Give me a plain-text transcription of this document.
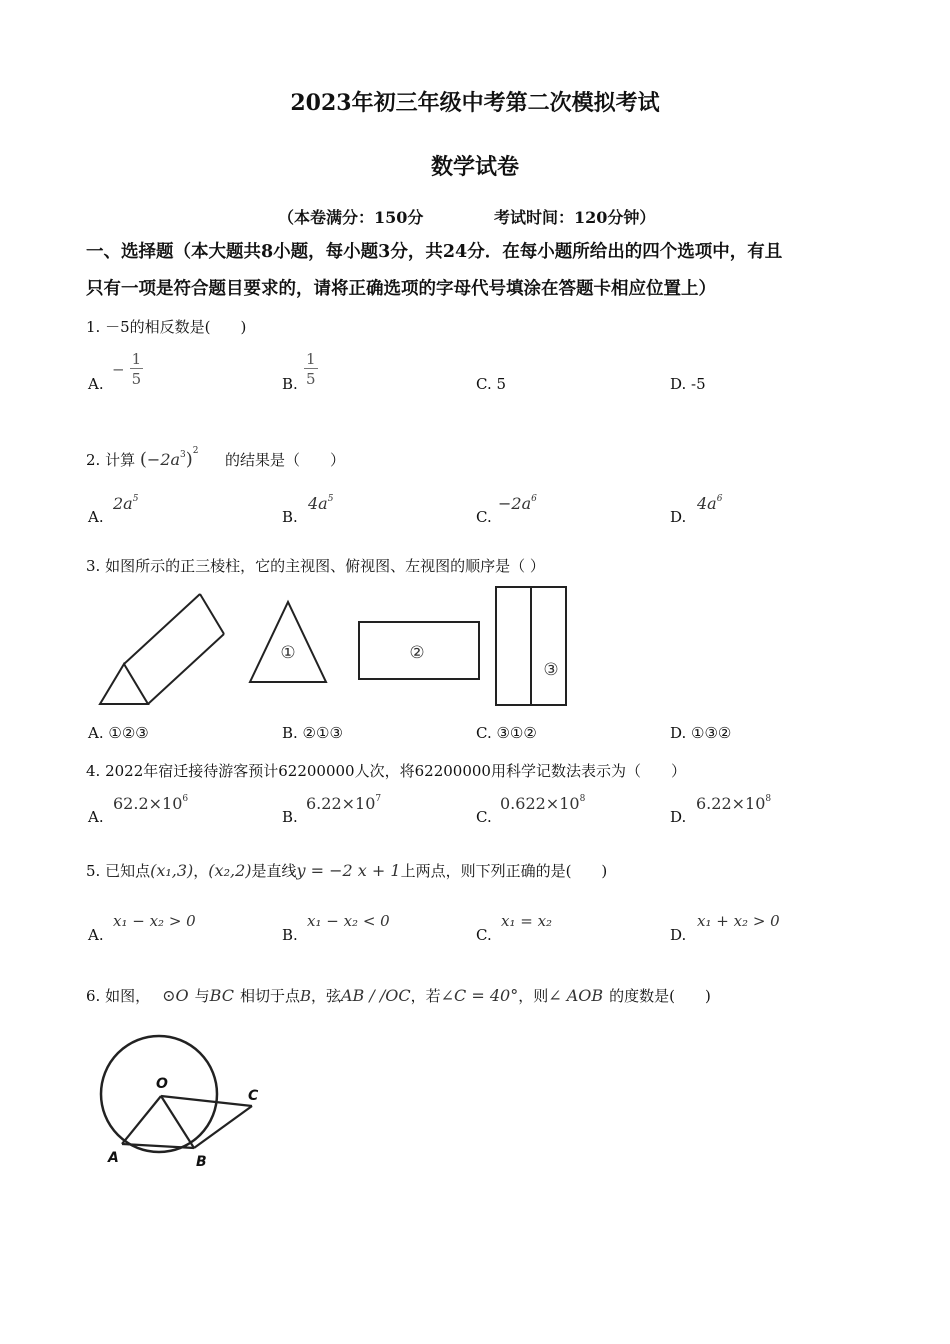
2023年初三年级中考第二次模拟考试
数学试卷
（本卷满分：150分	考试时间：120分钟）
一、选择题（本大题共8小题，每小题3分，共24分．在每小题所给出的四个选项中，有且
只有一项是符合题目要求的，请将正确选项的字母代号填涂在答题卡相应位置上）
1. －5的相反数是(　　)
A.
− $\frac{1}{5}$	B. $\frac{1}{5}$	C. 5	D. -5
2. 计算 $(-2a^3)^2$ 的结果是（　　）
A.
$2a^5$
B.
$4a^5$
C.
$-2a^6$
D.
$4a^6$
3. 如图所示的正三棱柱，它的主视图、俯视图、左视图的顺序是（ ）
①	②
③
A. ①②③	B. ②①③	C. ③①②	D. ①③②
4. 2022年宿迁接待游客预计62200000人次，将62200000用科学记数法表示为（　　）
A.
$62.2\times 10^6$
B.
$6.22\times 10^7$
C.
$0.622\times 10^8$
D.
$6.22\times 10^8$
5. 已知点(x₁,3)，(x₂,2)是直线y = −2 x + 1上两点，则下列正确的是(　　)
A.
x₁ − x₂ > 0
B.
x₁ − x₂ < 0
C.
x₁ = x₂
D.
x₁ + x₂ > 0
6. 如图， ⊙O 与BC 相切于点B，弦AB / /OC，若∠C = 40°，则∠ AOB 的度数是(　　)
O
C
A	B
